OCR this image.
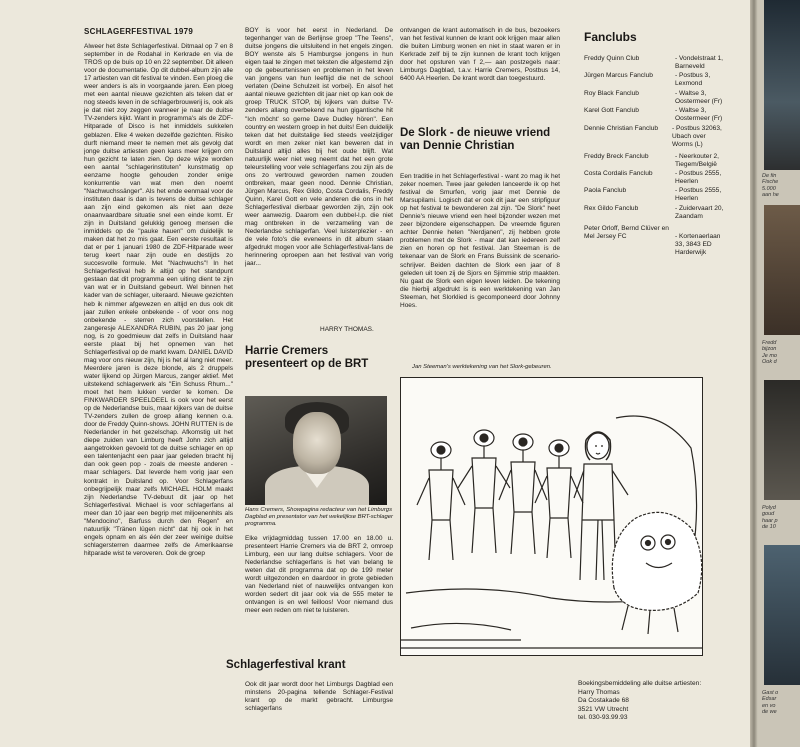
SCHLAGERFESTIVAL 1979

Alweer het 8ste Schlagerfestival. Ditmaal op 7 en 8 september in de Rodahal in Kerkrade en via de TROS op de buis op 10 en 22 september. Dit alleen voor de documentatie. Op dit dubbel-album zijn alle 17 artiesten van dit festival te vinden. Een ploeg die weer anders is als in voorgaande jaren. Een ploeg met een aantal nieuwe gezichten als teken dat er nog steeds leven in de schlagerbrouwerij is, ook als je dat niet zoy zeggen wanneer je naar de duitse TV-zenders kijkt. Want in programma's als de ZDF-Hitparade of Disco is het inmiddels sukkelen geblazen. Elke 4 weken dezelfde gezichten. Risiko durft niemand meer te nemen met als gevolg dat jonge duitse artiesten geen kans meer krijgen om hun gezicht te laten zien. Op deze wijze worden een aantal "schlagerinstituten" kunstmatig op eenzame hoogte gehouden zonder enige konkurrentie van wat men den noemt "Nachwuchssänger". Als het ende eenmaal voor de instituten daar is dan is tevens de duitse schlager aan zijn eind gekomen als niet aan deze onaanvaardbare situatie snel een einde komt. Er zijn in Duitsland gelukkig genoeg mensen die inmiddels op de "pauke hauen" om duidelijk te maken dat het zo mis gaat. Een eerste resultaat is dat er per 1 januari 1980 de ZDF-Hitparade weer terug keert naar zijn oude en destijds zo succesvolle formule. Met "Nachwuchs"! In het Schlagerfestival heb ik altijd op het standpunt gestaan dat dit programma een uiting dient te zijn van wat er in Duitsland gebeurt. Wel binnen het kader van de schlager, uiteraard. Nieuwe gezichten heb ik nimmer afgewezen en altijd en dus ook dit jaar zullen enkele onbekende - of voor ons nog onbekende - sterren zich voorstellen. Het zangeresje ALEXANDRA RUBIN, pas 20 jaar jong nog, is zo goedmieuw dat zelfs in Duitsland haar eerste plaat bij het opnemen van het Schlagerfestival op de markt kwam. DANIEL DAVID mag voor ons nieuw zijn, hij is het al lang niet meer. Meerdere jaren is deze blonde, als 2 druppels water lijkend op Jürgen Marcus, zanger aktief. Met uitstekend schlagerwerk als "Ein Schuss Rhum..." moet het hem lukken verder te komen. De FINKWARDER SPEELDEEL is ook voor het eerst op de Nederlandse buis, maar kijkers van de duitse TV-zenders zullen de groep allang kennen o.a. door de Freddy Quinn-shows. JOHN RUTTEN is de Nederlander in het gezelschap. Afkomstig uit het diepe zuiden van Limburg heeft John zich altijd aangetrokken gevoeld tot de duitse schlager en op een talentenjacht een paar jaar geleden bracht hij dan ook geen pop - zoals de meeste anderen - maar schlagers. Dat leverde hem vorig jaar een kontrakt in Duitsland op. Voor Schlagerfans onbegrijpelijk maar zelfs MICHAEL HOLM maakt zijn Nederlandse TV-debuut dit jaar op het Schlagerfestival. Michael is voor schlagerfans al meer dan 10 jaar een begrip met miljoenenhits als "Mendocino", Barfuss durch den Regen" en natuurlijk "Tränen lügen nicht" dat hij ook in het engels opnam en als één der zeer weinige duitse schlagersterren daarmee zelfs de Amerikaanse hitparade wist te veroveren. Ook de groep

BOY is voor het eerst in Nederland. De tegenhanger van de Berlijnse groep "The Teens", duitse jongens die uitsluitend in het engels zingen. BOY wenste als 5 Hamburgse jongens in hun eigen taal te zingen met teksten die afgestemd zijn op de gebeurtenissen en problemen in het leven van jongens van hun leeftijd die net de school verlaten (Deine Schulzeit ist vorbei). En alsof het aantal nieuwe gezichten dit jaar niet op kan ook de groep TRUCK STOP, bij kijkers van duitse TV-zenders allang overbekend na hun gigantische hit "Ich möcht' so gerne Dave Dudley hören". Een country en western groep in het duits! Een duidelijk teken dat het duitstalige lied steeds veelzijdiger wordt en men zeker niet kan beweren dat in Duitsland altijd alles bij het oude blijft. Wat natuurlijk weer niet weg neemt dat het een grote teleurstelling voor vele schlagerfans zou zijn als de ons zo vertrouwd geworden namen zouden ontbreken, maar geen nood. Dennie Christian, Jürgen Marcus, Rex Gildo, Costa Cordalis, Freddy Quinn, Karel Gott en vele anderen die ons in het Schlagerfestival dierbaar geworden zijn, zijn ook weer aanwezig. Daarom een dubbel-l.p. die niet mag ontbreken in de verzameling van de Nederlandse schlagerfan. Veel luisterplezier - en de vele foto's die eveneens in dit album staan afgedrukt mogen voor alle Schlagerfestival-fans de herinnering oproepen aan het festival van vorig jaar...

HARRY THOMAS.
Harrie Cremers presenteert op de BRT
Hans Cremers, Showpagina redacteur van het Limburgs Dagblad en presentator van het wekelijkse BRT-schlager programma.
Elke vrijdagmiddag tussen 17.00 en 18.00 u. presenteert Harrie Cremers via de BRT 2, omroep Limburg, een uur lang duitse schlagers. Voor de Nederlandse schlagerfans is het van belang te weten dat dit programma dat op de 199 meter wordt uitgezonden en daardoor in grote gebieden van Nederland niet of nauwelijks ontvangen kon worden sedert dit jaar ook via de 555 meter te ontvangen is en wel feilloos! Voor niemand dus meer een reden om niet te luisteren.
Schlagerfestival krant
Ook dit jaar wordt door het Limburgs Dagblad een minstens 20-pagina tellende Schlager-Festival krant op de markt gebracht. Limburgse schlagerfans
ontvangen de krant automatisch in de bus, bezoekers van het festival kunnen de krant ook krijgen maar allen die buiten Limburg wonen en niet in staat waren er in Kerkrade zelf bij te zijn kunnen de krant toch krijgen door het opsturen van f 2,— aan postzegels naar: Limburgs Dagblad, t.a.v. Harrie Cremers, Postbus 14, 6400 AA Heerlen. De krant wordt dan toegestuurd.
De Slork - de nieuwe vriend van Dennie Christian
Een traditie in het Schlagerfestival - want zo mag ik het zeker noemen. Twee jaar geleden lanceerde ik op het festival de Smurfen, vorig jaar met Dennie de Marsupilami. Logisch dat er ook dit jaar een stripfiguur op het festival te bewonderen zal zijn. "De Slork" heet Dennie's nieuwe vriend een heel bijzonder wezen met zeer bijzondere eigenschappen. De vreemde figuren achter Dennie heten "Nerdjanen", zij hebben grote problemen met de Slork - maar dat kan iedereen zelf zien en horen op het festival. Jan Steeman is de tekenaar van de Slork en Frans Buissink de scenario-schrijver. Beiden dachten de Slork een jaar of 8 geleden uit toen zij de Sjors en Sjimmie strip maakten. Nu gaat de Slork een eigen leven leiden. De tekening die hierbij afgedrukt is is een werktekening van Jan Steeman, het Slorklied is gecomponeerd door Johnny Hoes.
Jan Steeman's werktekening van het Slork-gebeuren.
Fanclubs
Freddy Quinn Club	- Vondelstraat 1,
Barneveld
Jürgen Marcus Fanclub	- Postbus 3,
Lexmond
Roy Black Fanclub	- Waltse 3,
Oostermeer (Fr)
Karel Gott Fanclub	- Waltse 3,
Oostermeer (Fr)
Dennie Christian Fanclub - Postbus 32063,
Ubach over
Worms (L)
Freddy Breck Fanclub	- Neerkouter 2,
Tiegem/België
Costa Cordalis Fanclub	- Postbus 2555,
Heerlen
Paola Fanclub	- Postbus 2555,
Heerlen
Rex Gildo Fanclub	- Zuidervaart 20,
Zaandam
Peter Orloff, Bernd Clüver en Mel Jersey FC	- Kortenaerlaan
33, 3843 ED
Harderwijk
Boekingsbemiddeling alle duitse artiesten:
Harry Thomas
Da Costakade 68
3521 VW Utrecht
tel. 030-93.99.93
De fin
Fische
5.000
aan he
Fredd
bijzon
Je mo
Ook d
Polyd
goud
haar p
de 10
Gast o
Edsar
en vo
de we
